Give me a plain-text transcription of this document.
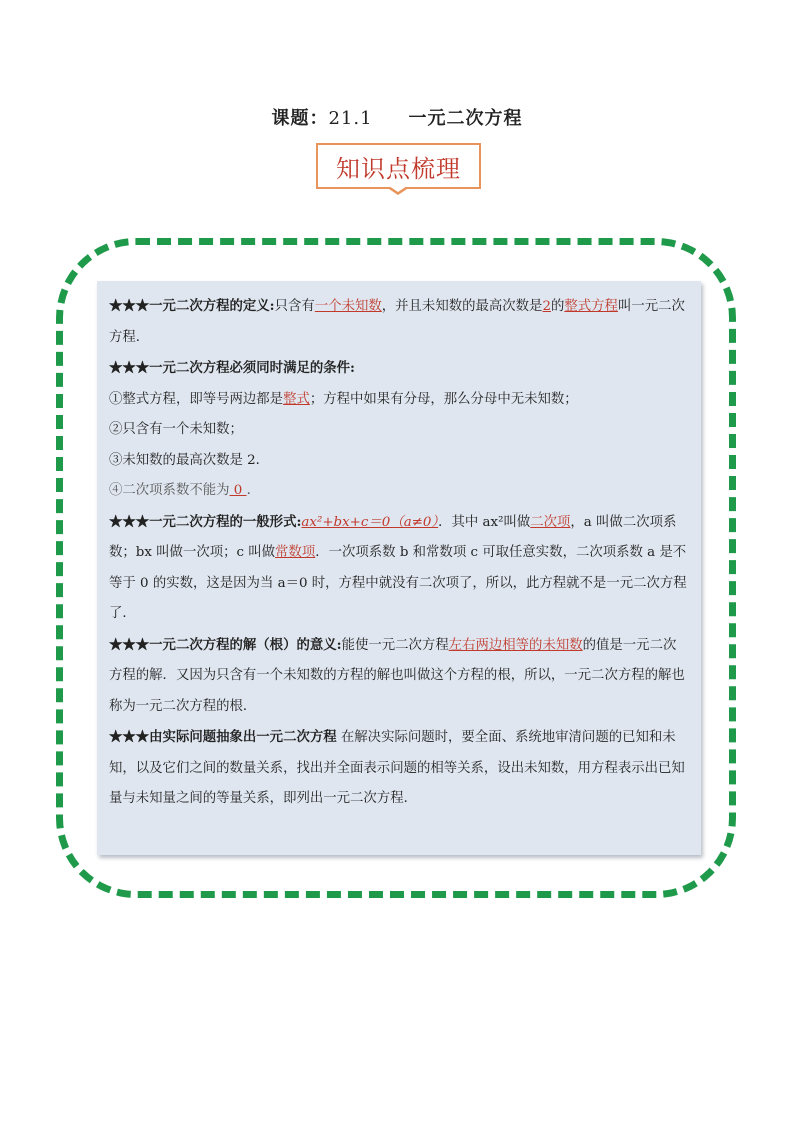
课题：21.1 一元二次方程
知识点梳理

★★★一元二次方程的定义:只含有一个未知数，并且未知数的最高次数是2的整式方程叫一元二次方程．

★★★一元二次方程必须同时满足的条件:

①整式方程，即等号两边都是整式；方程中如果有分母，那么分母中无未知数；

②只含有一个未知数；

③未知数的最高次数是 2．

④二次项系数不能为 0 ．

★★★一元二次方程的一般形式:ax²+bx+c＝0（a≠0）．其中 ax²叫做二次项，a 叫做二次项系数；bx 叫做一次项；c 叫做常数项．一次项系数 b 和常数项 c 可取任意实数，二次项系数 a 是不等于 0 的实数，这是因为当 a＝0 时，方程中就没有二次项了，所以，此方程就不是一元二次方程了．

★★★一元二次方程的解（根）的意义:能使一元二次方程左右两边相等的未知数的值是一元二次方程的解．又因为只含有一个未知数的方程的解也叫做这个方程的根，所以，一元二次方程的解也称为一元二次方程的根．

★★★由实际问题抽象出一元二次方程 在解决实际问题时，要全面、系统地审清问题的已知和未知，以及它们之间的数量关系，找出并全面表示问题的相等关系，设出未知数，用方程表示出已知量与未知量之间的等量关系，即列出一元二次方程．
